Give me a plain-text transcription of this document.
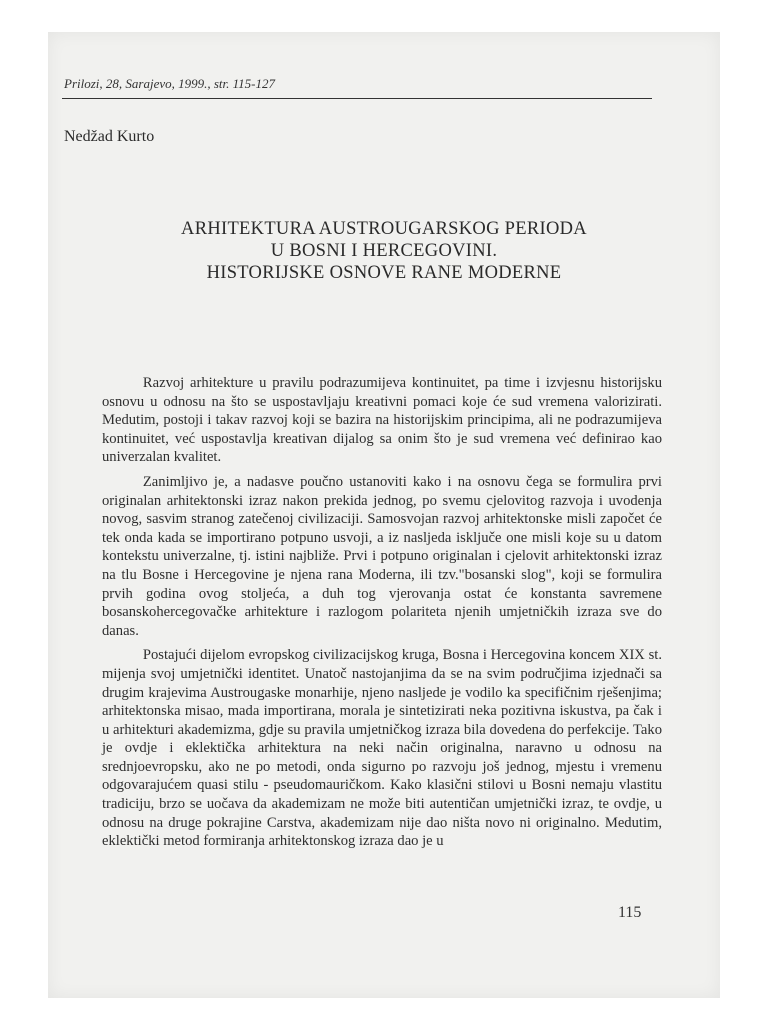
Prilozi, 28, Sarajevo, 1999., str. 115-127
Nedžad Kurto
ARHITEKTURA AUSTROUGARSKOG PERIODA
U BOSNI I HERCEGOVINI.
HISTORIJSKE OSNOVE RANE MODERNE

Razvoj arhitekture u pravilu podrazumijeva kontinuitet, pa time i izvjesnu historijsku osnovu u odnosu na što se uspostavljaju kreativni pomaci koje će sud vremena valorizirati. Medutim, postoji i takav razvoj koji se bazira na historijskim principima, ali ne podrazumijeva kontinuitet, već uspostavlja kreativan dijalog sa onim što je sud vremena već definirao kao univerzalan kvalitet.

Zanimljivo je, a nadasve poučno ustanoviti kako i na osnovu čega se formulira prvi originalan arhitektonski izraz nakon prekida jednog, po svemu cjelovitog razvoja i uvodenja novog, sasvim stranog zatečenoj civilizaciji. Samosvojan razvoj arhitektonske misli započet će tek onda kada se importirano potpuno usvoji, a iz nasljeda isključe one misli koje su u datom kontekstu univerzalne, tj. istini najbliže. Prvi i potpuno originalan i cjelovit arhitektonski izraz na tlu Bosne i Hercegovine je njena rana Moderna, ili tzv."bosanski slog", koji se formulira prvih godina ovog stoljeća, a duh tog vjerovanja ostat će konstanta savremene bosanskohercegovačke arhitekture i razlogom polariteta njenih umjetničkih izraza sve do danas.

Postajući dijelom evropskog civilizacijskog kruga, Bosna i Hercegovina koncem XIX st. mijenja svoj umjetnički identitet. Unatoč nastojanjima da se na svim područjima izjednači sa drugim krajevima Austrougaske monarhije, njeno nasljede je vodilo ka specifičnim rješenjima; arhitektonska misao, mada importirana, morala je sintetizirati neka pozitivna iskustva, pa čak i u arhitekturi akademizma, gdje su pravila umjetničkog izraza bila dovedena do perfekcije. Tako je ovdje i eklektička arhitektura na neki način originalna, naravno u odnosu na srednjoevropsku, ako ne po metodi, onda sigurno po razvoju još jednog, mjestu i vremenu odgovarajućem quasi stilu - pseudomauričkom. Kako klasični stilovi u Bosni nemaju vlastitu tradiciju, brzo se uočava da akademizam ne može biti autentičan umjetnički izraz, te ovdje, u odnosu na druge pokrajine Carstva, akademizam nije dao ništa novo ni originalno. Medutim, eklektički metod formiranja arhitektonskog izraza dao je u

115
